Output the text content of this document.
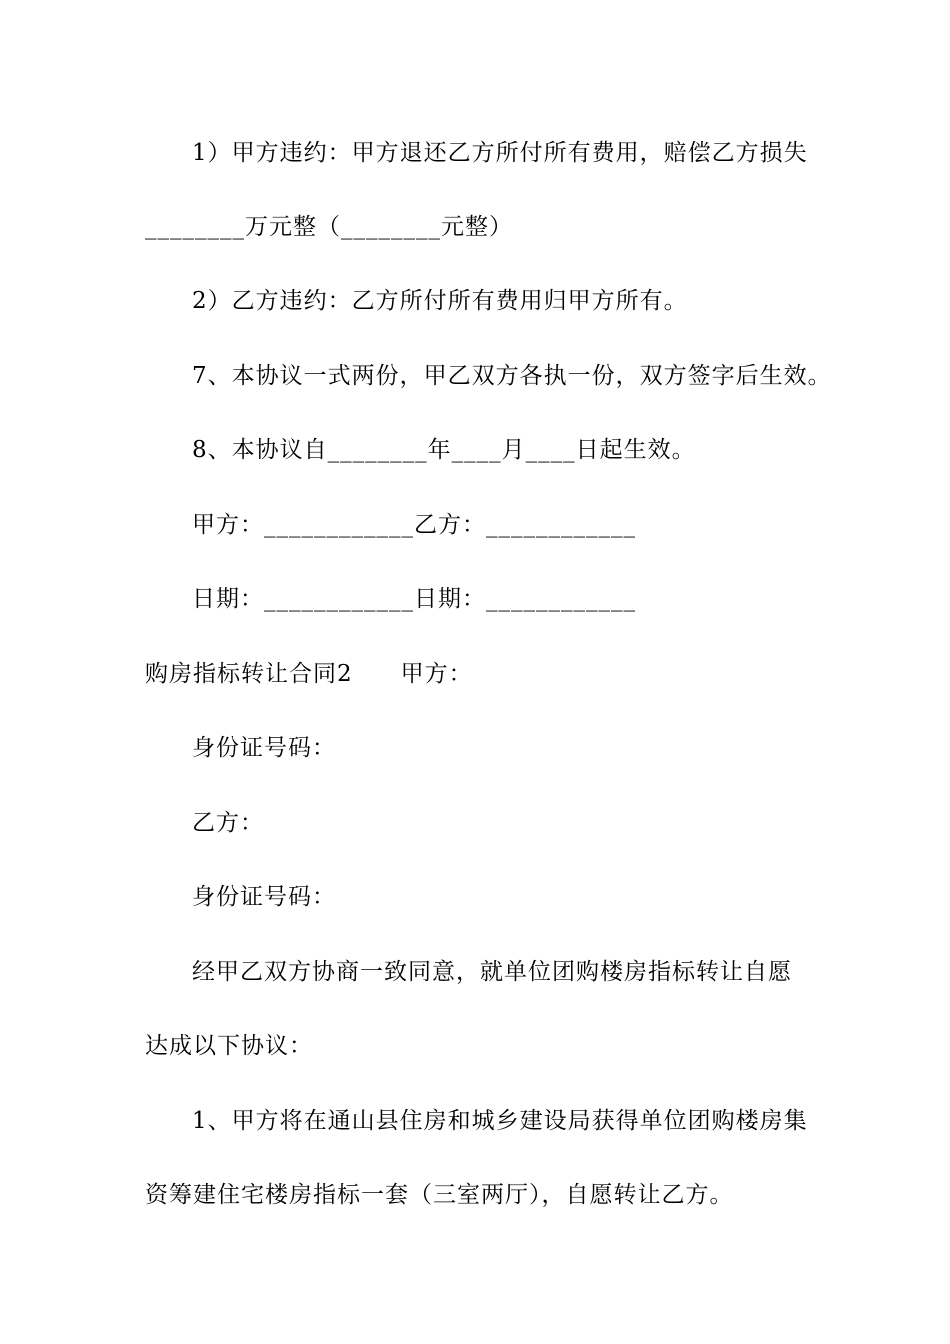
1）甲方违约：甲方退还乙方所付所有费用，赔偿乙方损失
________万元整（________元整）
2）乙方违约：乙方所付所有费用归甲方所有。
7、本协议一式两份，甲乙双方各执一份，双方签字后生效。
8、本协议自________年____月____日起生效。
甲方：____________乙方：____________
日期：____________日期：____________
购房指标转让合同2　　甲方：
身份证号码：
乙方：
身份证号码：
经甲乙双方协商一致同意，就单位团购楼房指标转让自愿
达成以下协议：
1、甲方将在通山县住房和城乡建设局获得单位团购楼房集
资筹建住宅楼房指标一套（三室两厅），自愿转让乙方。
